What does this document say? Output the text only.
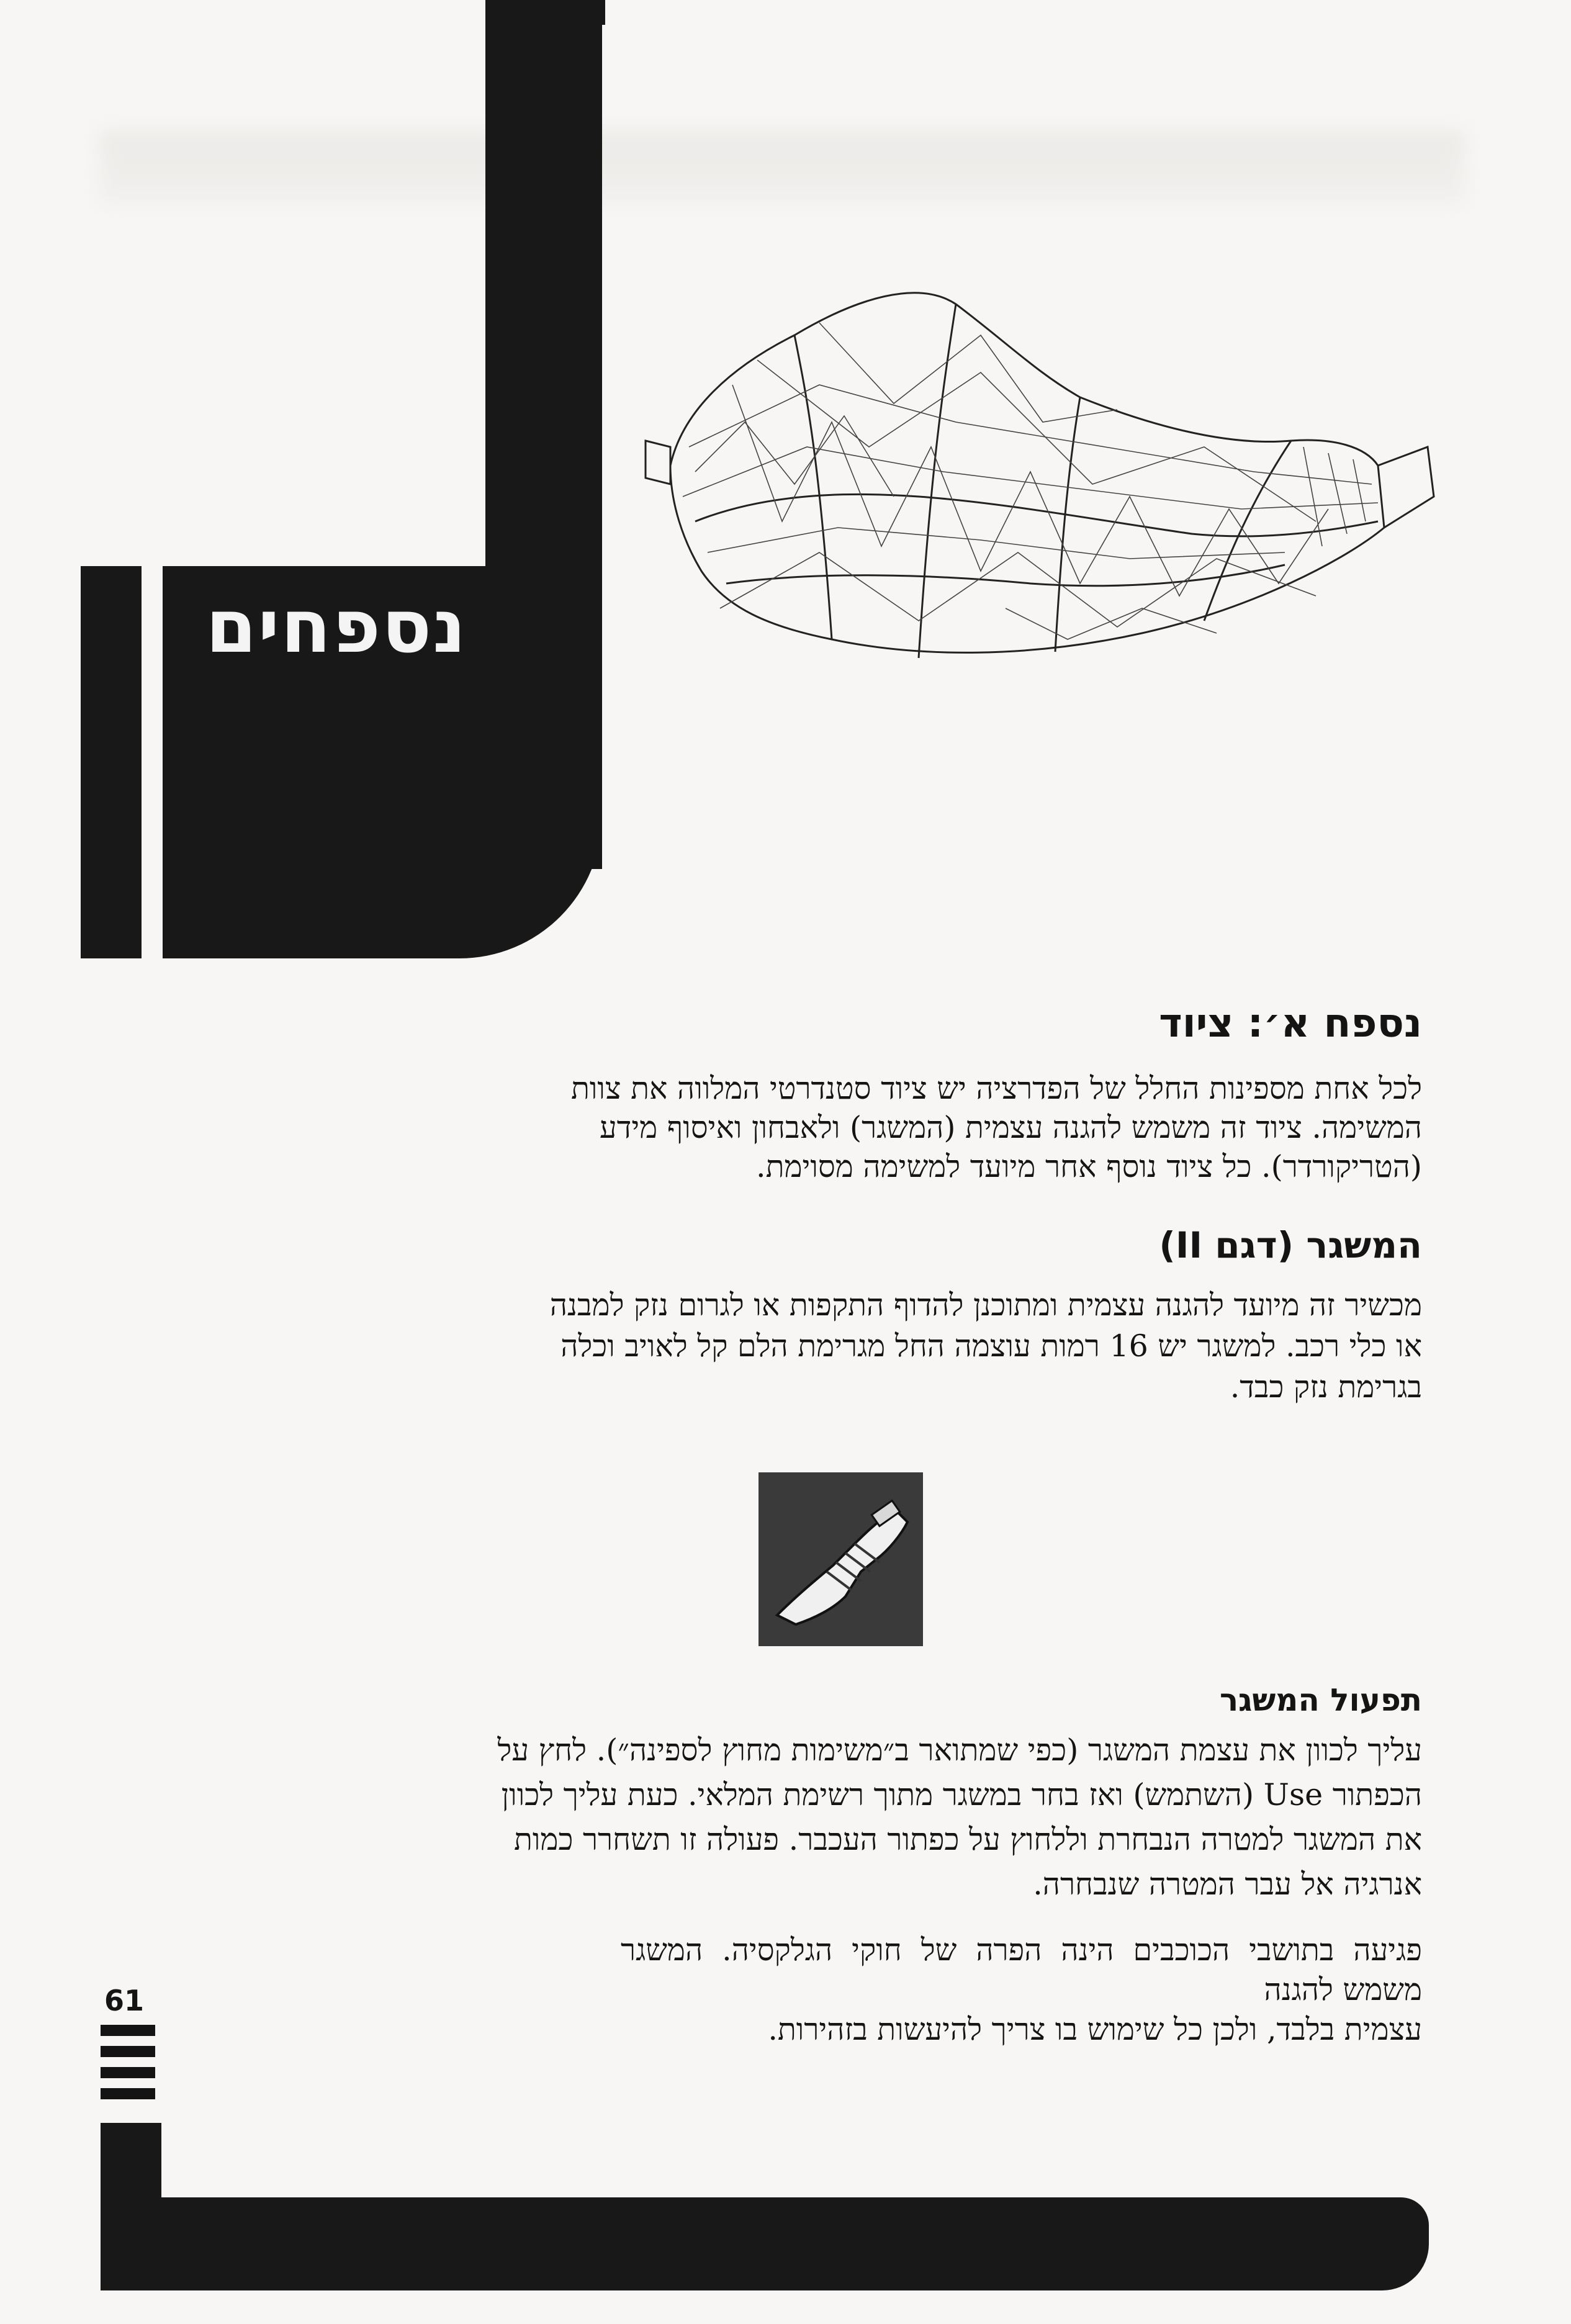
נספחים
נספח א׳: ציוד
לכל אחת מספינות החלל של הפדרציה יש ציוד סטנדרטי המלווה את צוות
המשימה. ציוד זה משמש להגנה עצמית (המשגר) ולאבחון ואיסוף מידע
(הטריקורדר). כל ציוד נוסף אחר מיועד למשימה מסוימת.
המשגר (דגם II)
מכשיר זה מיועד להגנה עצמית ומתוכנן להדוף התקפות או לגרום נזק למבנה
או כלי רכב. למשגר יש 16 רמות עוצמה החל מגרימת הלם קל לאויב וכלה
בגרימת נזק כבד.
תפעול המשגר
עליך לכוון את עצמת המשגר (כפי שמתואר ב״משימות מחוץ לספינה״). לחץ על
הכפתור Use (השתמש) ואז בחר במשגר מתוך רשימת המלאי. כעת עליך לכוון
את המשגר למטרה הנבחרת וללחוץ על כפתור העכבר. פעולה זו תשחרר כמות
אנרגיה אל עבר המטרה שנבחרה.
פגיעה בתושבי הכוכבים הינה הפרה של חוקי הגלקסיה. המשגר משמש להגנה
עצמית בלבד, ולכן כל שימוש בו צריך להיעשות בזהירות.
61
